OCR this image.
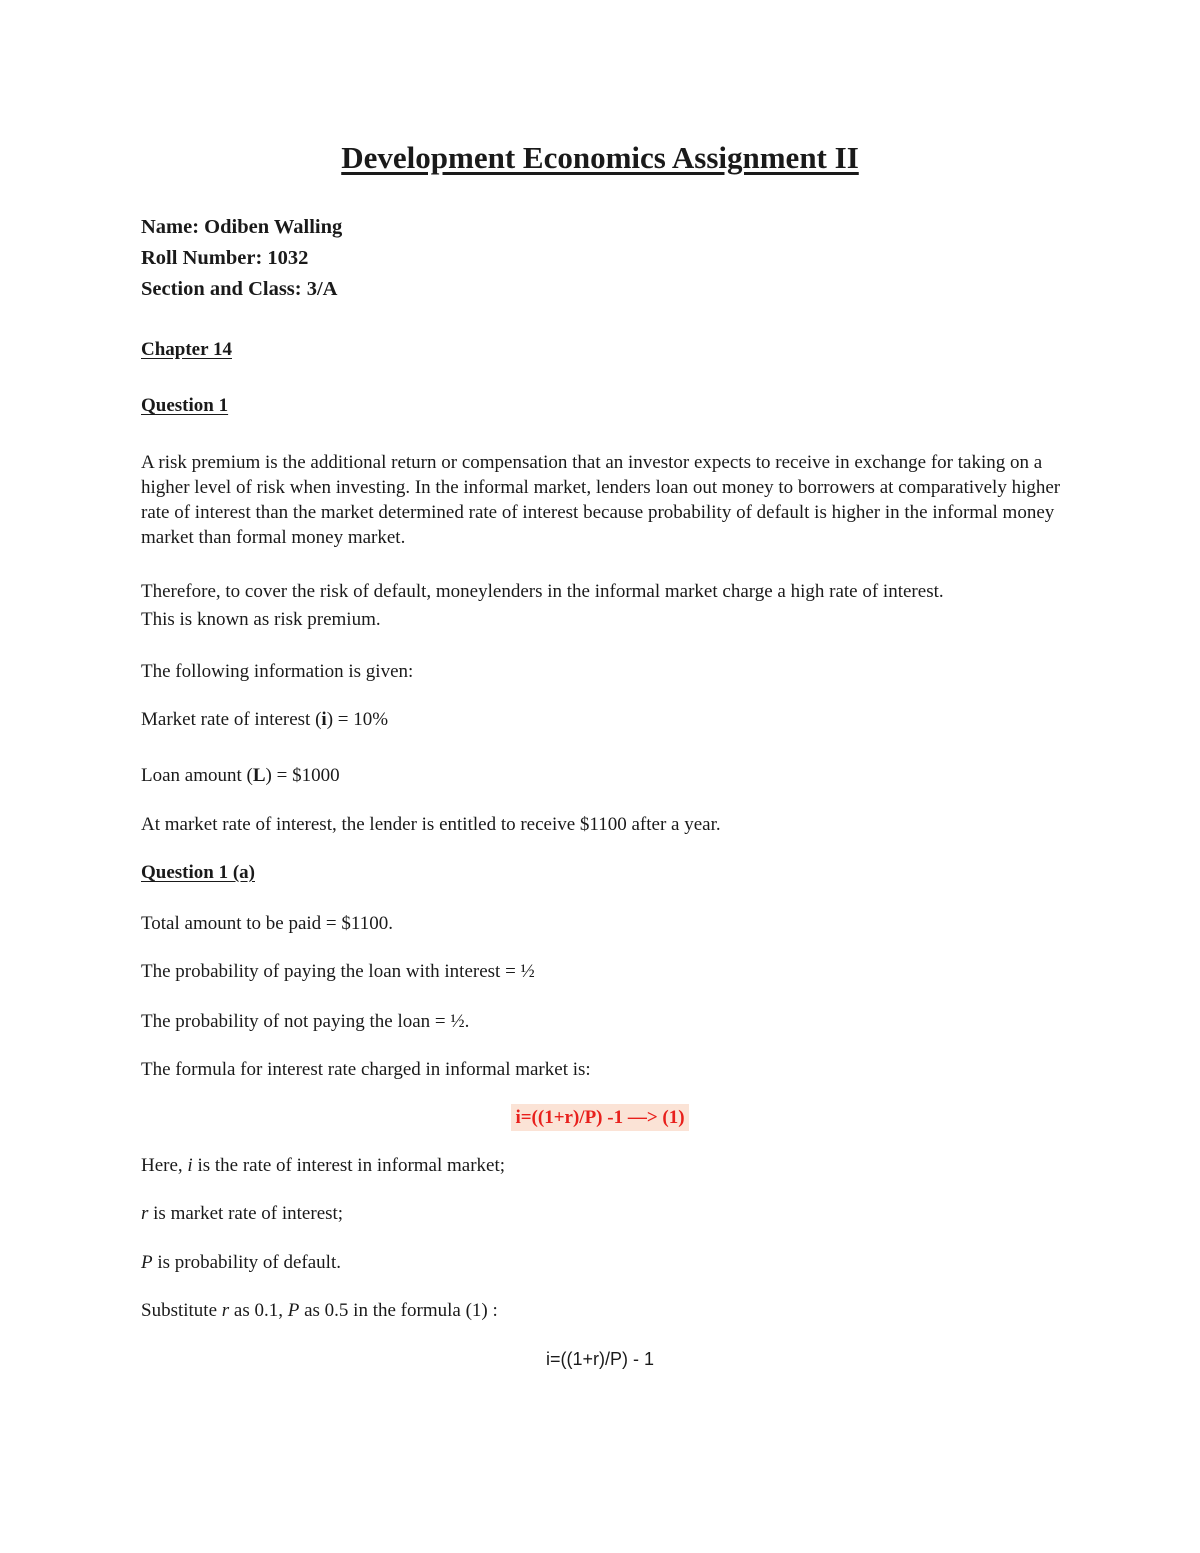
Development Economics Assignment II

Name: Odiben Walling

Roll Number: 1032

Section and Class: 3/A

Chapter 14

Question 1

A risk premium is the additional return or compensation that an investor expects to receive in exchange for taking on a higher level of risk when investing. In the informal market, lenders loan out money to borrowers at comparatively higher rate of interest than the market determined rate of interest because probability of default is higher in the informal money market than formal money market.

Therefore, to cover the risk of default, moneylenders in the informal market charge a high rate of interest.

This is known as risk premium.

The following information is given:

Market rate of interest (i) = 10%

Loan amount (L) = $1000

At market rate of interest, the lender is entitled to receive $1100 after a year.

Question 1 (a)

Total amount to be paid = $1100.

The probability of paying the loan with interest = ½

The probability of not paying the loan = ½.

The formula for interest rate charged in informal market is:

i=((1+r)/P) -1 —> (1)

Here, i is the rate of interest in informal market;

r is market rate of interest;

P is probability of default.

Substitute r as 0.1, P as 0.5 in the formula (1) :

i=((1+r)/P) - 1
